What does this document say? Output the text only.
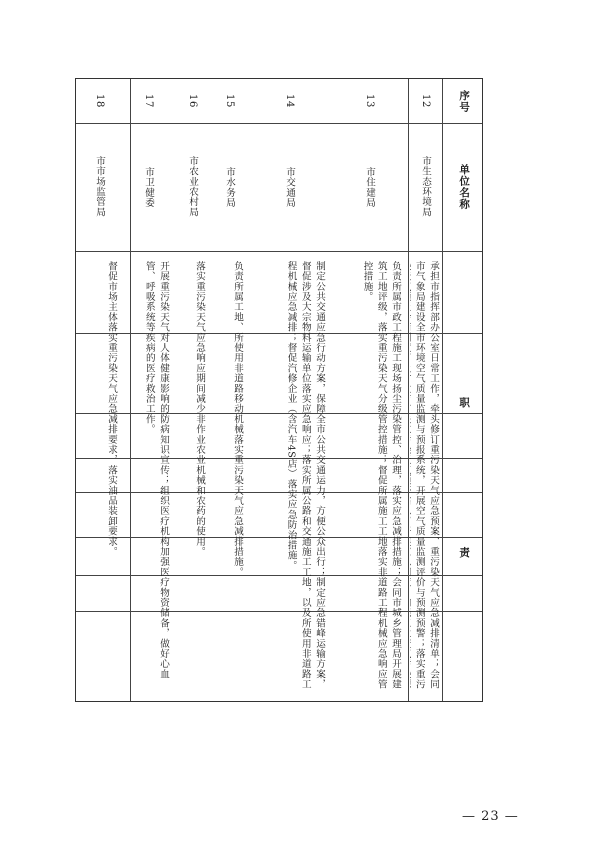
序号
单位名称
职
责
12
市生态环境局
承担市指挥部办公室日常工作，牵头修订重污染天气应急预案、重污染天气应急减排清单；会同市气象局建设全市环境空气质量监测与预报系统，开展空气质量监测评价与预测预警；落实重污
13
市住建局
负责所属市政工程施工现场扬尘污染管控、治理，落实应急减排措施；会同市城乡管理局开展建筑工地评级，落实重污染天气分级管控措施；督促所属施工工地落实非道路工程机械应急响应管控措施。
14
市交通局
制定公共交通应急行动方案，保障全市公共交通运力，方便公众出行；制定应急错峰运输方案，督促涉及大宗物料运输单位落实应急响应；落实所属公路和交通施工工地，以及所使用非道路工程机械应急减排；督促汽修企业（含汽车4S店）落实应急防治措施。
15
市水务局
负责所属工地、所使用非道路移动机械落实重污染天气应急减排措施。
16
市农业农村局
落实重污染天气应急响应期间减少非作业农业机械和农药的使用。
17
市卫健委
开展重污染天气对人体健康影响的防病知识宣传；组织医疗机构加强医疗物资储备，做好心血管、呼吸系统等疾病的医疗救治工作。
18
市市场监管局
督促市场主体落实重污染天气应急减排要求，落实油品装卸要求。
— 23 —
